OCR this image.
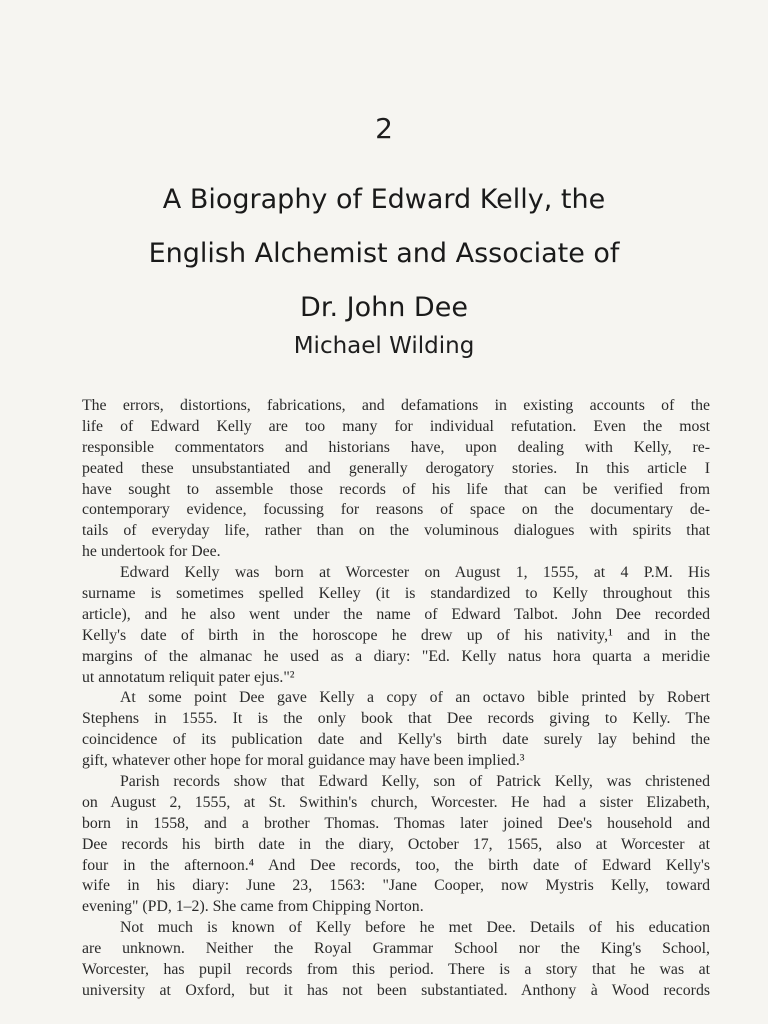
2
A Biography of Edward Kelly, the
English Alchemist and Associate of
Dr. John Dee
Michael Wilding
The errors, distortions, fabrications, and defamations in existing accounts of the
life of Edward Kelly are too many for individual refutation. Even the most
responsible commentators and historians have, upon dealing with Kelly, re-
peated these unsubstantiated and generally derogatory stories. In this article I
have sought to assemble those records of his life that can be verified from
contemporary evidence, focussing for reasons of space on the documentary de-
tails of everyday life, rather than on the voluminous dialogues with spirits that
he undertook for Dee.
Edward Kelly was born at Worcester on August 1, 1555, at 4 P.M. His
surname is sometimes spelled Kelley (it is standardized to Kelly throughout this
article), and he also went under the name of Edward Talbot. John Dee recorded
Kelly's date of birth in the horoscope he drew up of his nativity,¹ and in the
margins of the almanac he used as a diary: "Ed. Kelly natus hora quarta a meridie
ut annotatum reliquit pater ejus."²
At some point Dee gave Kelly a copy of an octavo bible printed by Robert
Stephens in 1555. It is the only book that Dee records giving to Kelly. The
coincidence of its publication date and Kelly's birth date surely lay behind the
gift, whatever other hope for moral guidance may have been implied.³
Parish records show that Edward Kelly, son of Patrick Kelly, was christened
on August 2, 1555, at St. Swithin's church, Worcester. He had a sister Elizabeth,
born in 1558, and a brother Thomas. Thomas later joined Dee's household and
Dee records his birth date in the diary, October 17, 1565, also at Worcester at
four in the afternoon.⁴ And Dee records, too, the birth date of Edward Kelly's
wife in his diary: June 23, 1563: "Jane Cooper, now Mystris Kelly, toward
evening" (PD, 1–2). She came from Chipping Norton.
Not much is known of Kelly before he met Dee. Details of his education
are unknown. Neither the Royal Grammar School nor the King's School,
Worcester, has pupil records from this period. There is a story that he was at
university at Oxford, but it has not been substantiated. Anthony à Wood records
